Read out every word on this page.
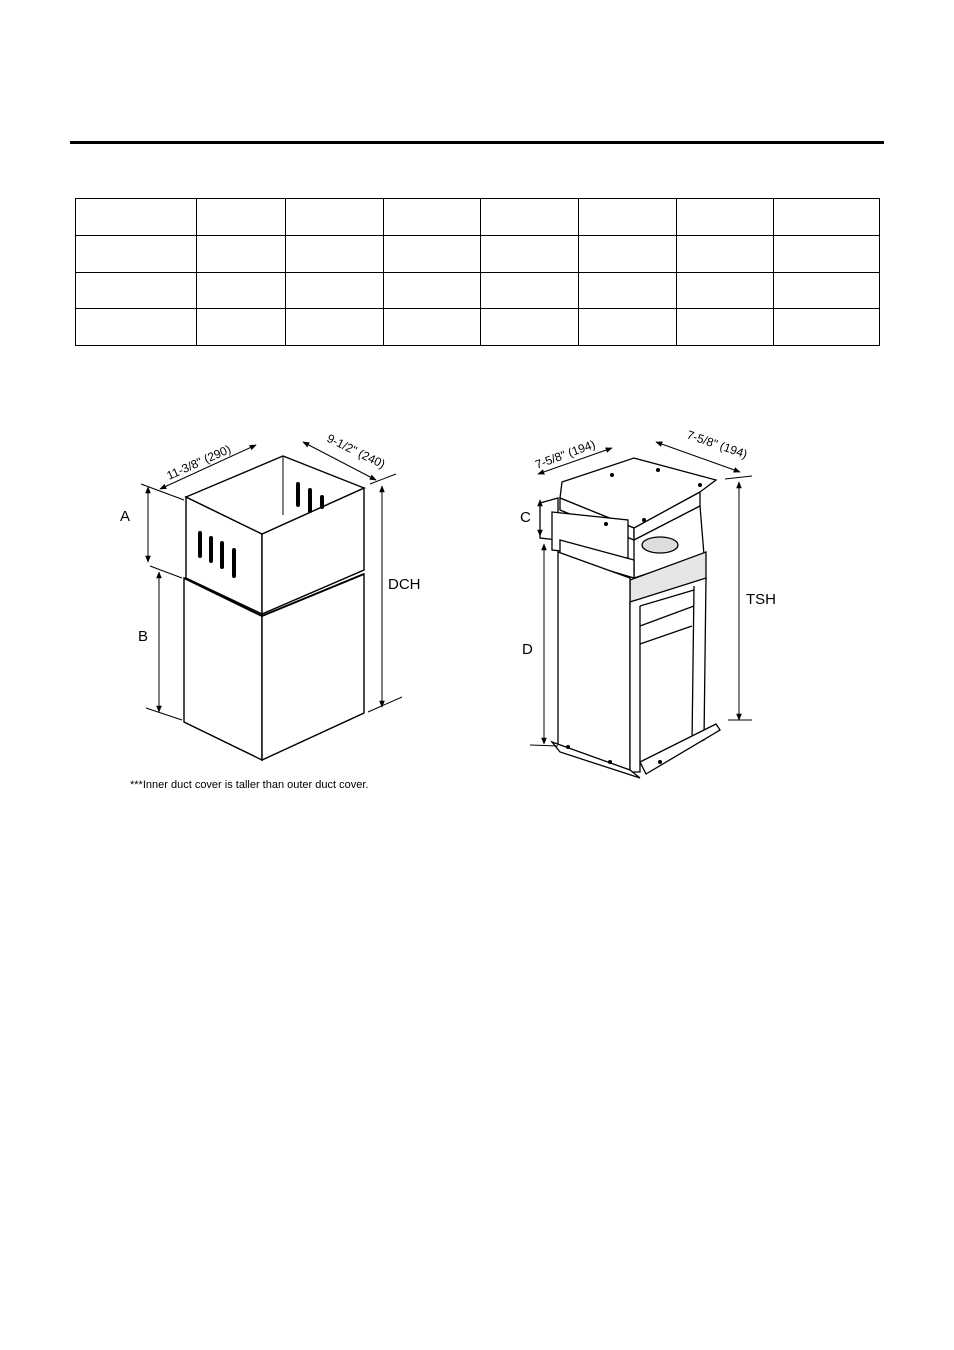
A
B
DCH
11-3/8" (290)	9-1/2" (240)
***Inner duct cover is taller than outer duct cover.
C
D
TSH
7-5/8" (194)	7-5/8" (194)
